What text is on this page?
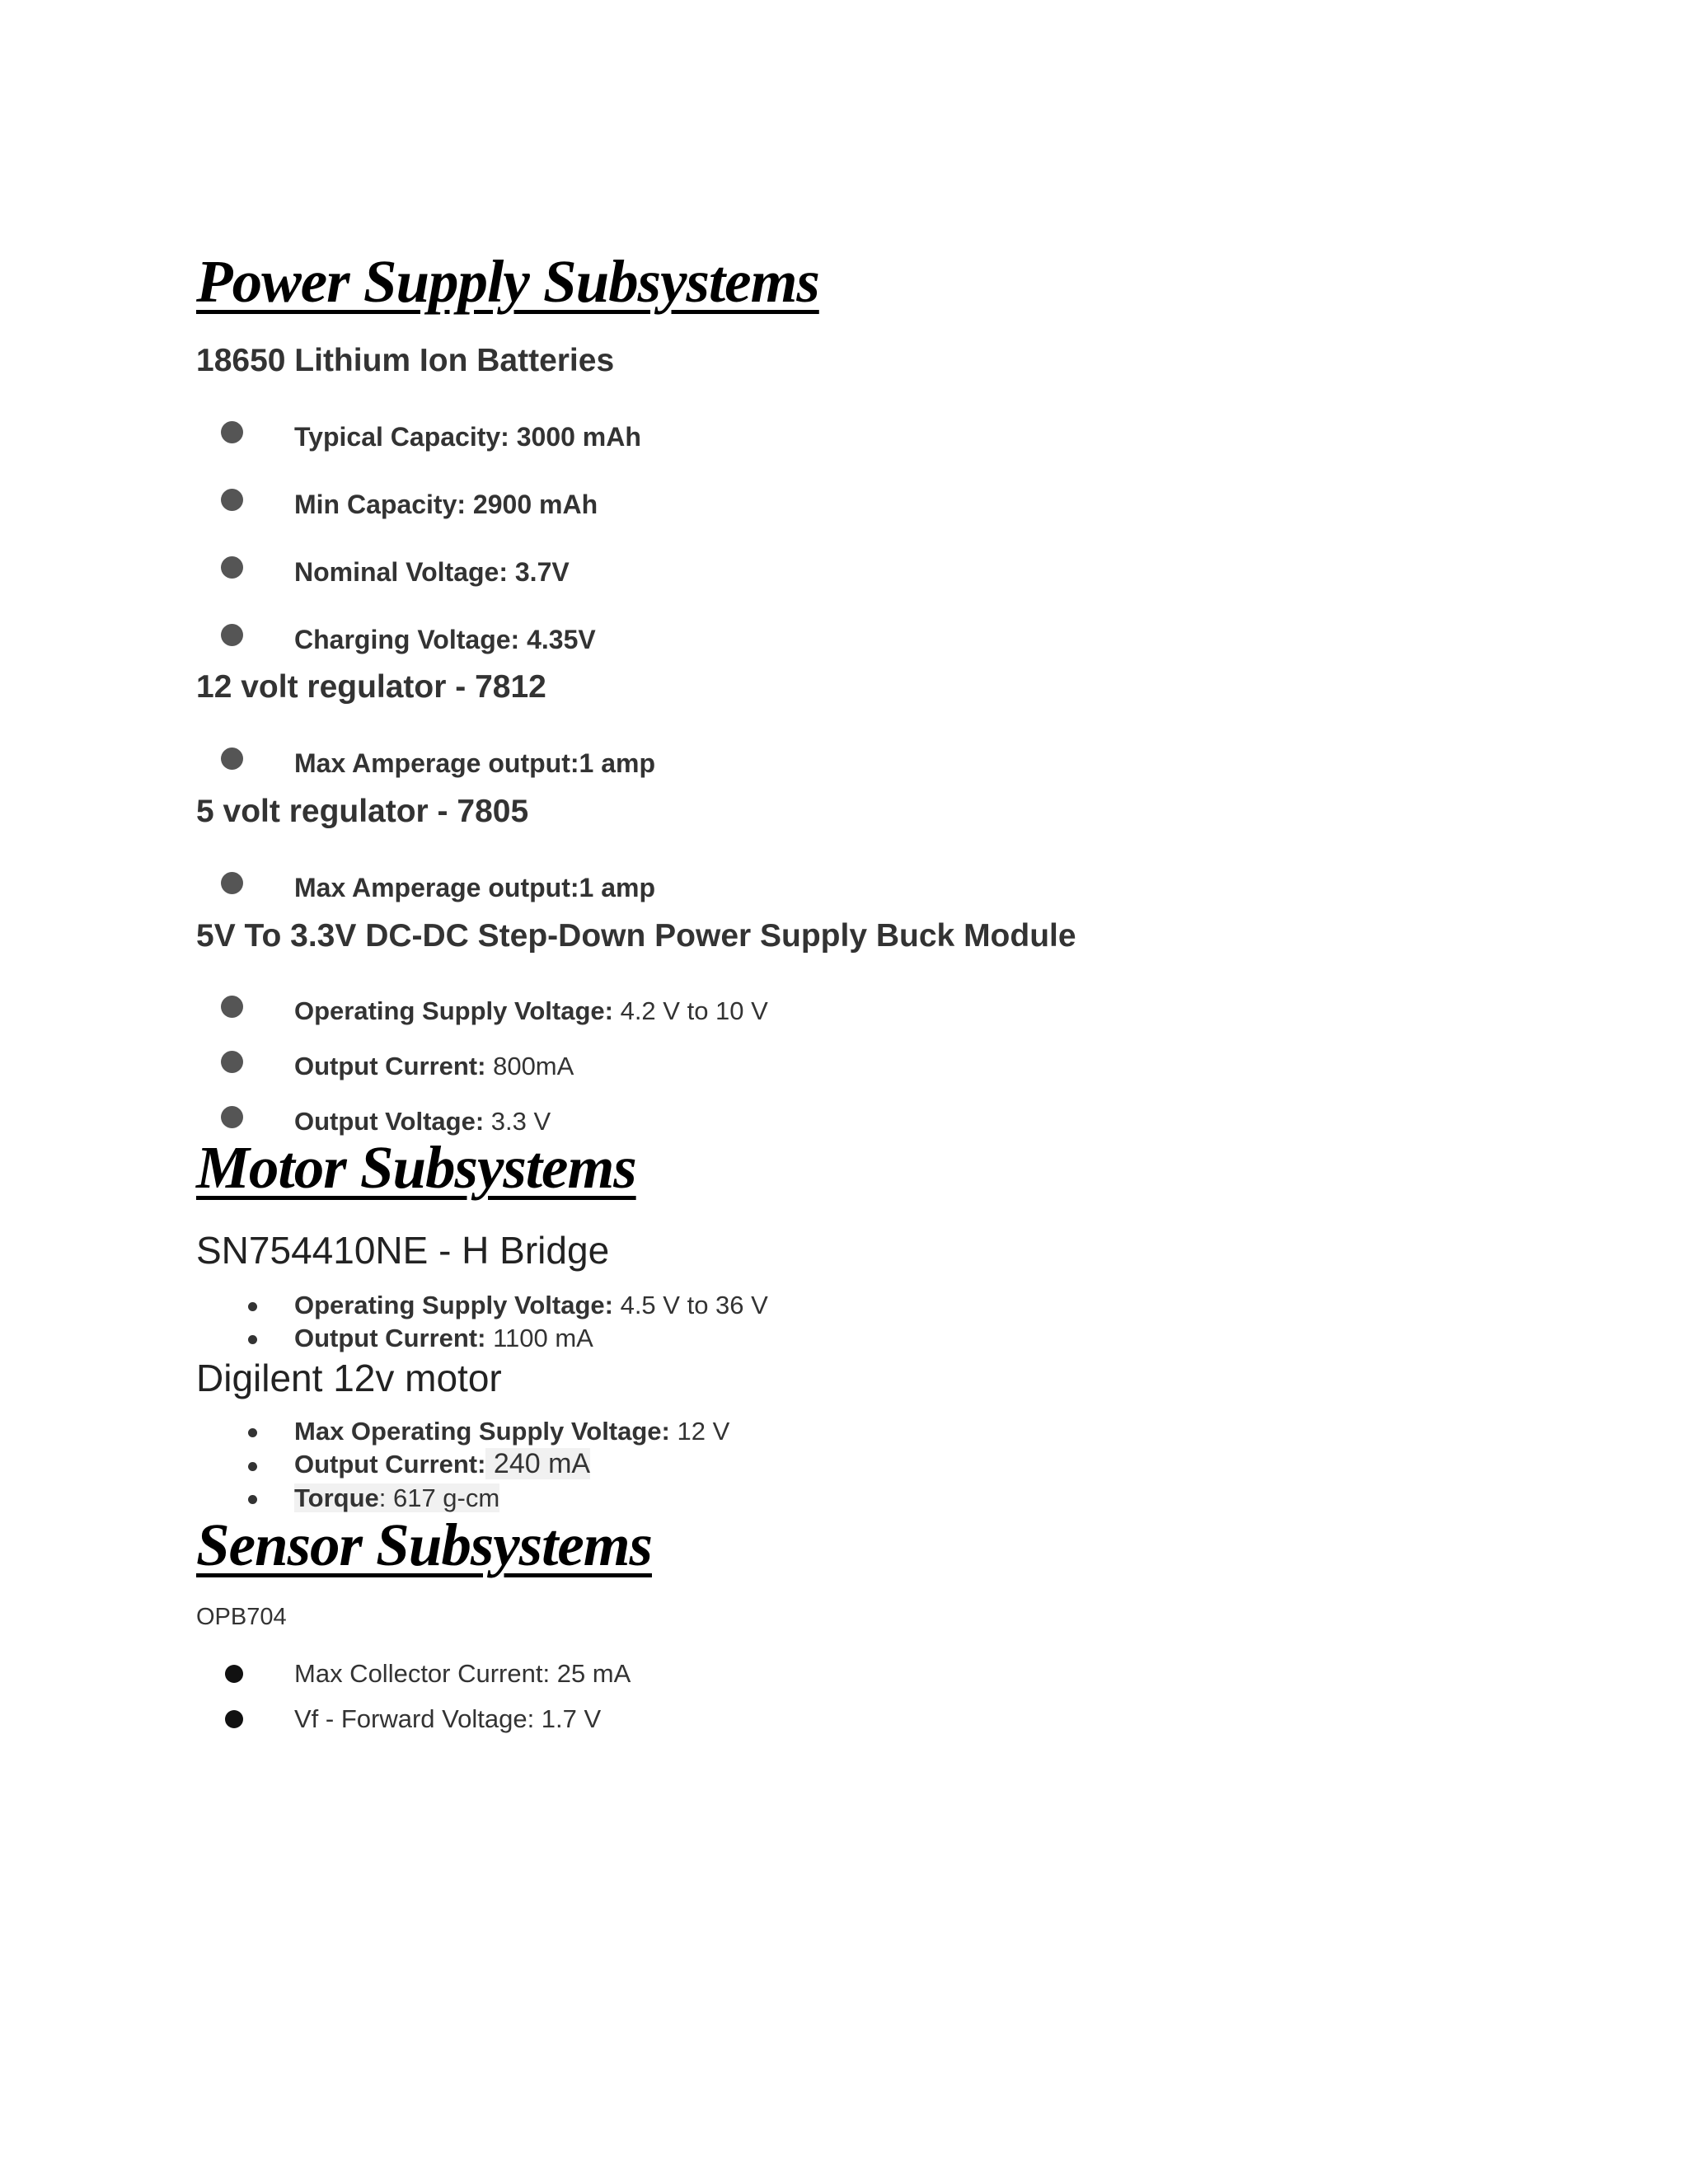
Power Supply Subsystems
18650 Lithium Ion Batteries
Typical Capacity: 3000 mAh
Min Capacity: 2900 mAh
Nominal Voltage: 3.7V
Charging Voltage: 4.35V
12 volt regulator - 7812
Max Amperage output:1 amp
5 volt regulator - 7805
Max Amperage output:1 amp
5V To 3.3V DC-DC Step-Down Power Supply Buck Module
Operating Supply Voltage: 4.2 V to 10 V
Output Current: 800mA
Output Voltage: 3.3 V
Motor Subsystems
SN754410NE - H Bridge
Operating Supply Voltage: 4.5 V to 36 V
Output Current: 1100 mA
Digilent 12v motor
Max Operating Supply Voltage: 12 V
Output Current: 240 mA
Torque: 617 g-cm
Sensor Subsystems
OPB704
Max Collector Current: 25 mA
Vf - Forward Voltage: 1.7 V
